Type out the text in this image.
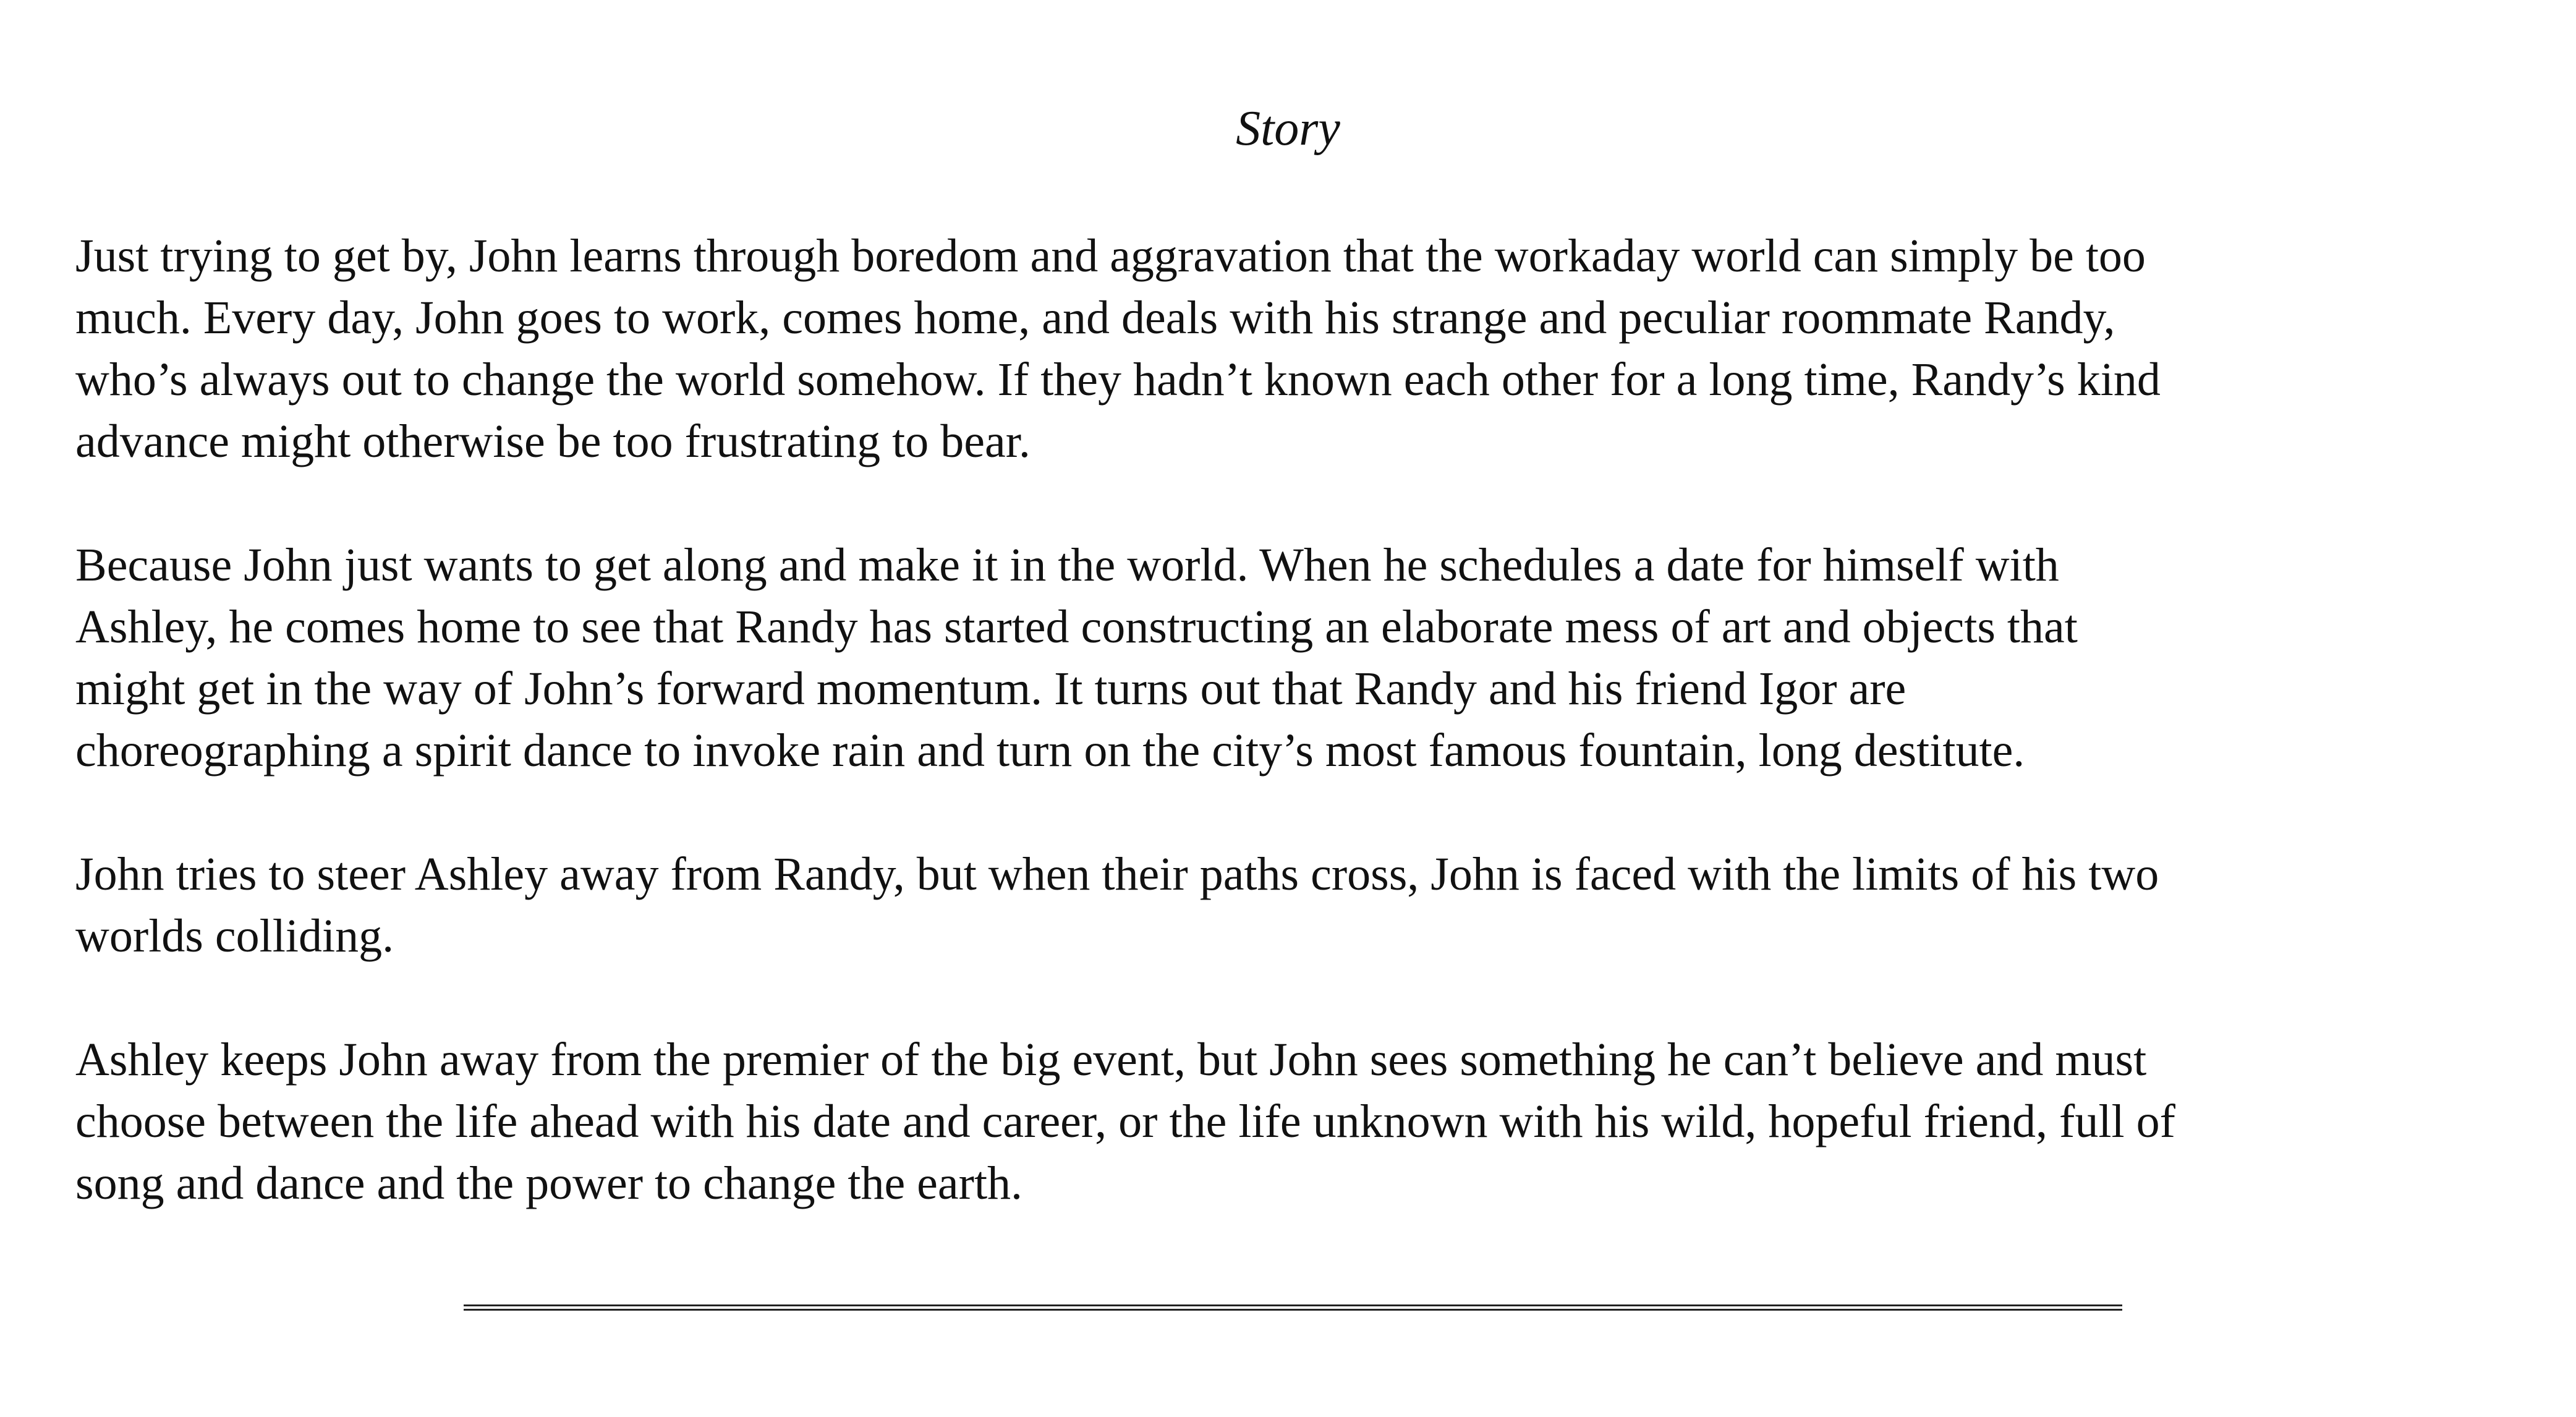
Story

Just trying to get by, John learns through boredom and aggravation that the workaday world can simply be too
much. Every day, John goes to work, comes home, and deals with his strange and peculiar roommate Randy,
who’s always out to change the world somehow. If they hadn’t known each other for a long time, Randy’s kind
advance might otherwise be too frustrating to bear.

Because John just wants to get along and make it in the world. When he schedules a date for himself with
Ashley, he comes home to see that Randy has started constructing an elaborate mess of art and objects that
might get in the way of John’s forward momentum. It turns out that Randy and his friend Igor are
choreographing a spirit dance to invoke rain and turn on the city’s most famous fountain, long destitute.

John tries to steer Ashley away from Randy, but when their paths cross, John is faced with the limits of his two
worlds colliding.

Ashley keeps John away from the premier of the big event, but John sees something he can’t believe and must
choose between the life ahead with his date and career, or the life unknown with his wild, hopeful friend, full of
song and dance and the power to change the earth.
